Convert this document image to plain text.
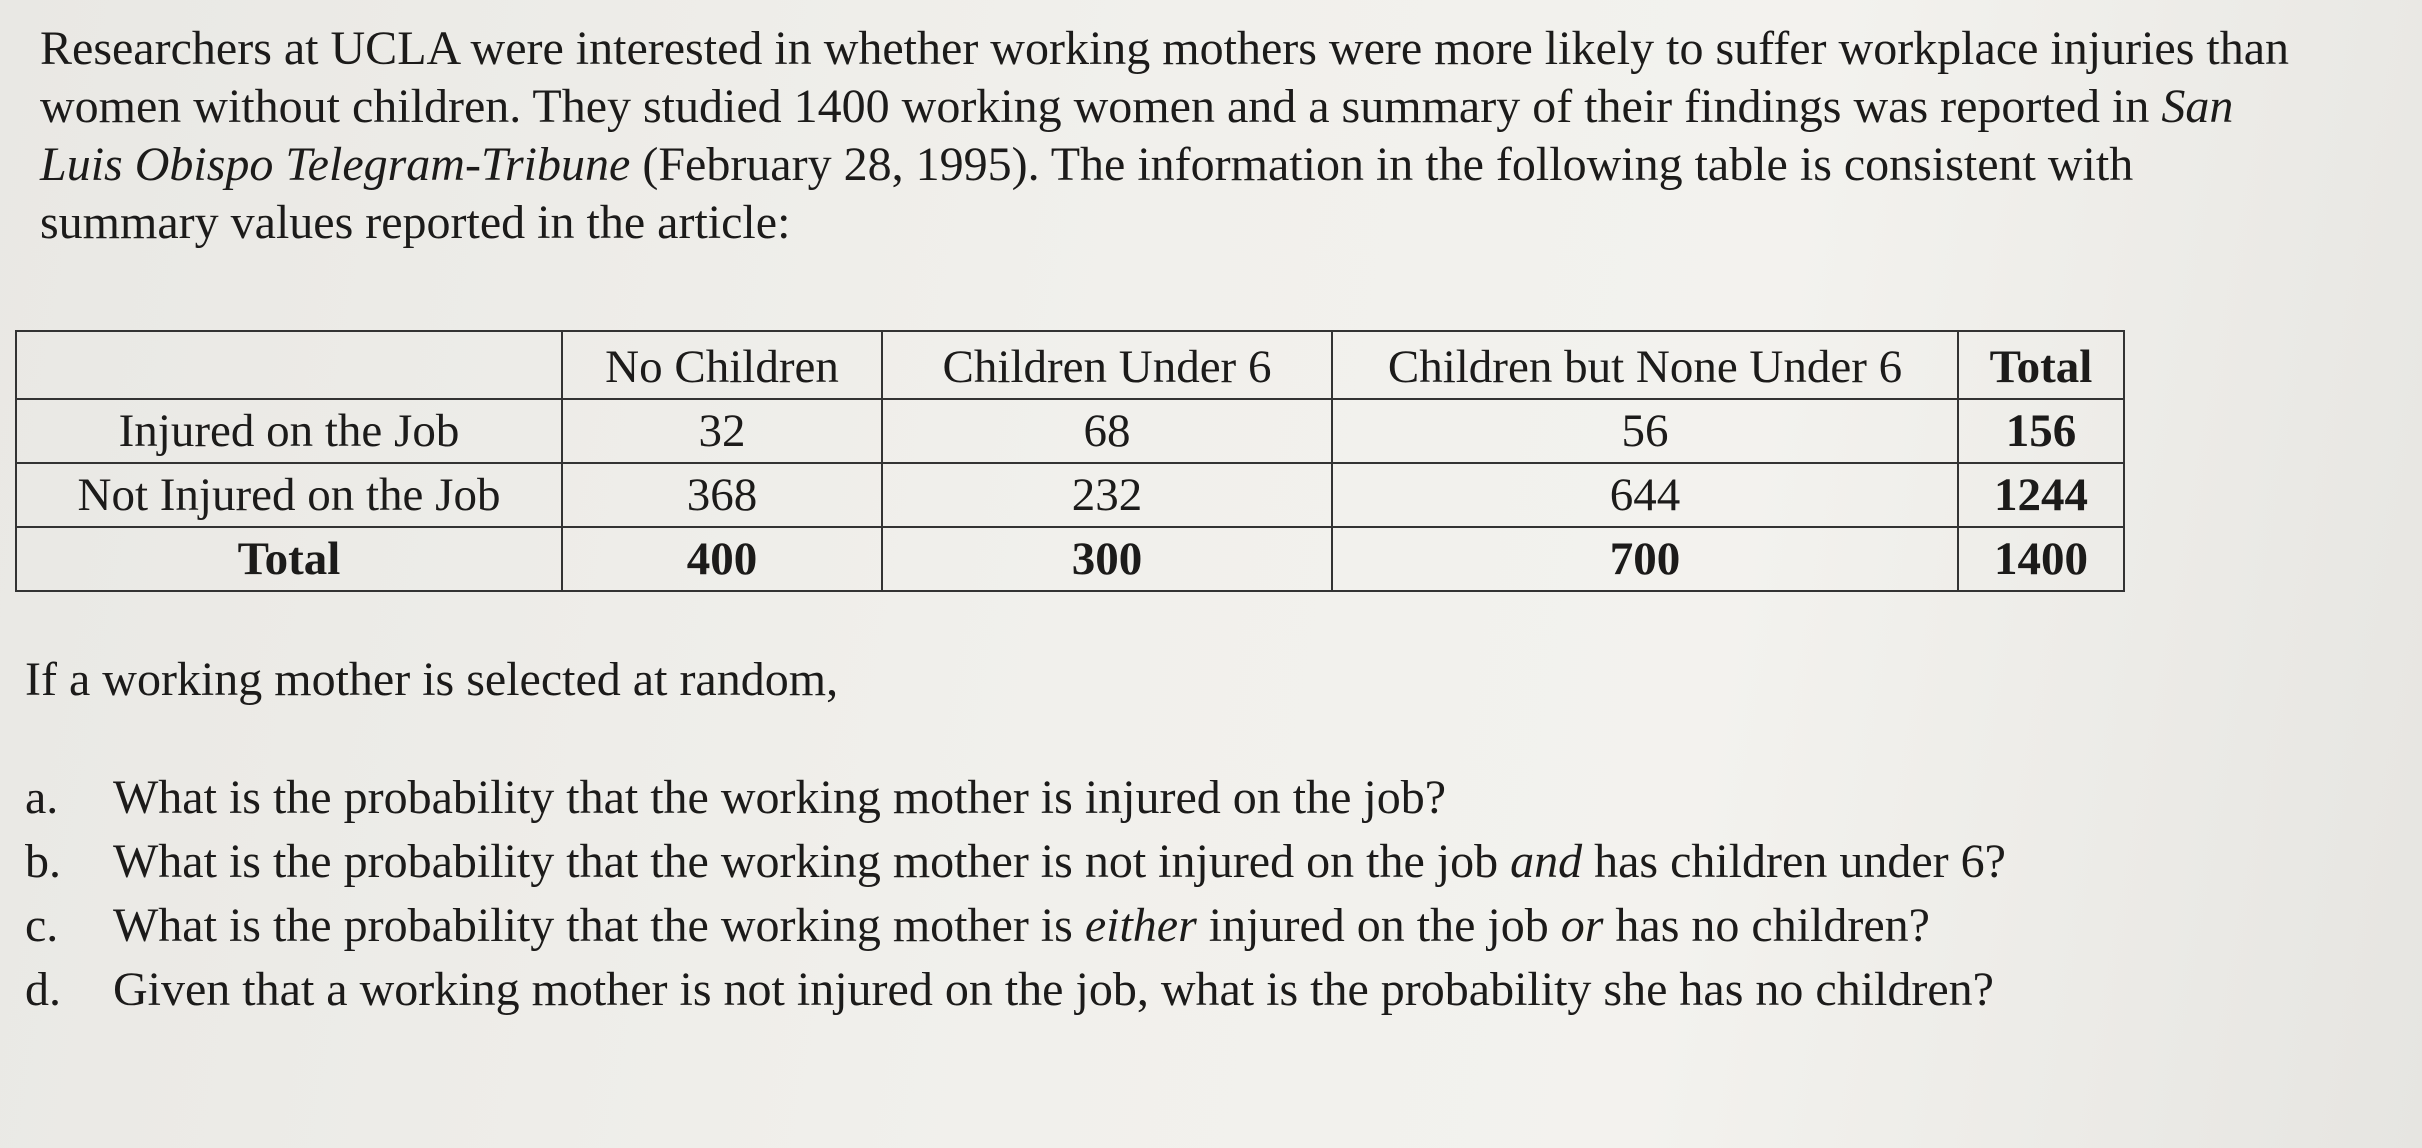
Researchers at UCLA were interested in whether working mothers were more likely to suffer workplace injuries than women without children. They studied 1400 working women and a summary of their findings was reported in San Luis Obispo Telegram-Tribune (February 28, 1995). The information in the following table is consistent with summary values reported in the article:

	No Children	Children Under 6	Children but None Under 6	Total
Injured on the Job	32	68	56	156
Not Injured on the Job	368	232	644	1244
Total	400	300	700	1400

If a working mother is selected at random,

a.	What is the probability that the working mother is injured on the job?
b.	What is the probability that the working mother is not injured on the job and has children under 6?
c.	What is the probability that the working mother is either injured on the job or has no children?
d.	Given that a working mother is not injured on the job, what is the probability she has no children?
